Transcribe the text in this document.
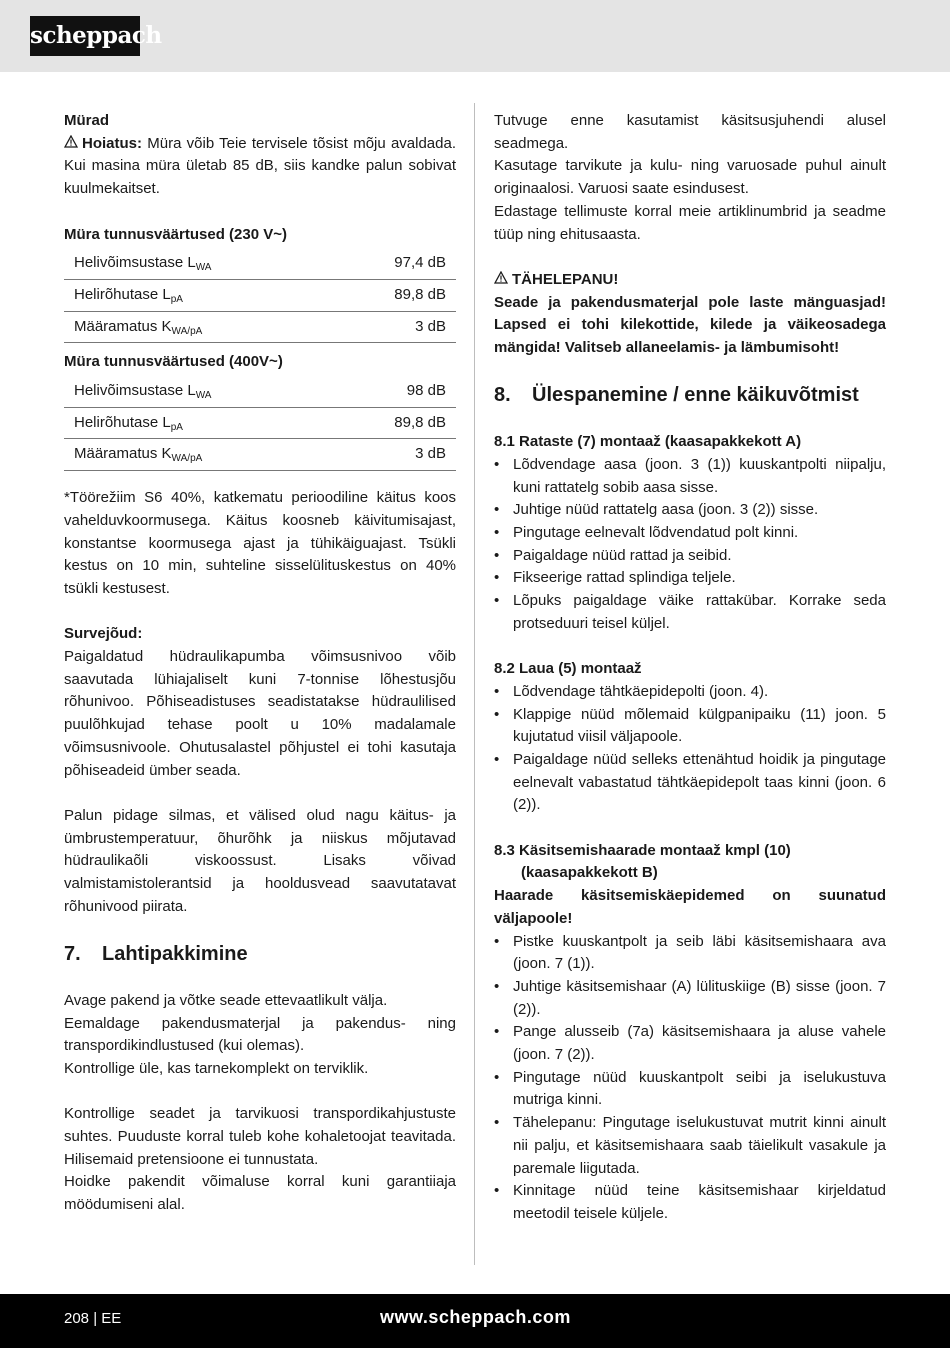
scheppach

Mürad

Hoiatus: Müra võib Teie tervisele tõsist mõju avaldada. Kui masina müra ületab 85 dB, siis kandke palun sobivat kuulmekaitset.

Müra tunnusväärtused (230 V~)

Helivõimsustase $L_{WA}$	97,4 dB
Helirõhutase $L_{pA}$	89,8 dB
Määramatus $K_{WA/pA}$	3 dB

Müra tunnusväärtused (400V~)

Helivõimsustase $L_{WA}$	98 dB
Helirõhutase $L_{pA}$	89,8 dB
Määramatus $K_{WA/pA}$	3 dB

*Töörežiim S6 40%, katkematu perioodiline käitus koos vahelduvkoormusega. Käitus koosneb käivitumisajast, konstantse koormusega ajast ja tühikäiguajast. Tsükli kestus on 10 min, suhteline sisselülituskestus on 40% tsükli kestusest.

Survejõud:

Paigaldatud hüdraulikapumba võimsusnivoo võib saavutada lühiajaliselt kuni 7-tonnise lõhestusjõu rõhunivoo. Põhiseadistuses seadistatakse hüdraulilised puulõhkujad tehase poolt u 10% madalamale võimsusnivoole. Ohutusalastel põhjustel ei tohi kasutaja põhiseadeid ümber seada.

Palun pidage silmas, et välised olud nagu käitus- ja ümbrustemperatuur, õhurõhk ja niiskus mõjutavad hüdraulikaõli viskoossust. Lisaks võivad valmistamistolerantsid ja hooldusvead saavutatavat rõhunivood piirata.

7. Lahtipakkimine

Avage pakend ja võtke seade ettevaatlikult välja.

Eemaldage pakendusmaterjal ja pakendus- ning transpordikindlustused (kui olemas).

Kontrollige üle, kas tarnekomplekt on terviklik.

Kontrollige seadet ja tarvikuosi transpordikahjustuste suhtes. Puuduste korral tuleb kohe kohaletoojat teavitada. Hilisemaid pretensioone ei tunnustata.

Hoidke pakendit võimaluse korral kuni garantiiaja möödumiseni alal.

Tutvuge enne kasutamist käsitsusjuhendi alusel seadmega.

Kasutage tarvikute ja kulu- ning varuosade puhul ainult originaalosi. Varuosi saate esindusest.

Edastage tellimuste korral meie artiklinumbrid ja seadme tüüp ning ehitusaasta.

TÄHELEPANU!

Seade ja pakendusmaterjal pole laste mänguasjad! Lapsed ei tohi kilekottide, kilede ja väikeosadega mängida! Valitseb allaneelamis- ja lämbumisoht!

8. Ülespanemine / enne käikuvõtmist

8.1 Rataste (7) montaaž (kaasapakkekott A)

• Lõdvendage aasa (joon. 3 (1)) kuuskantpolti niipalju, kuni rattatelg sobib aasa sisse.
• Juhtige nüüd rattatelg aasa (joon. 3 (2)) sisse.
• Pingutage eelnevalt lõdvendatud polt kinni.
• Paigaldage nüüd rattad ja seibid.
• Fikseerige rattad splindiga teljele.
• Lõpuks paigaldage väike rattakübar. Korrake seda protseduuri teisel küljel.

8.2 Laua (5) montaaž

• Lõdvendage tähtkäepidepolti (joon. 4).
• Klappige nüüd mõlemaid külgpanipaiku (11) joon. 5 kujutatud viisil väljapoole.
• Paigaldage nüüd selleks ettenähtud hoidik ja pingutage eelnevalt vabastatud tähtkäepidepolt taas kinni (joon. 6 (2)).

8.3 Käsitsemishaarade montaaž kmpl (10)

(kaasapakkekott B)

Haarade käsitsemiskäepidemed on suunatud väljapoole!

• Pistke kuuskantpolt ja seib läbi käsitsemishaara ava (joon. 7 (1)).
• Juhtige käsitsemishaar (A) lülituskiige (B) sisse (joon. 7 (2)).
• Pange alusseib (7a) käsitsemishaara ja aluse vahele (joon. 7 (2)).
• Pingutage nüüd kuuskantpolt seibi ja iselukustuva mutriga kinni.
• Tähelepanu: Pingutage iselukustuvat mutrit kinni ainult nii palju, et käsitsemishaara saab täielikult vasakule ja paremale liigutada.
• Kinnitage nüüd teine käsitsemishaar kirjeldatud meetodil teisele küljele.
208 | EE	www.scheppach.com
